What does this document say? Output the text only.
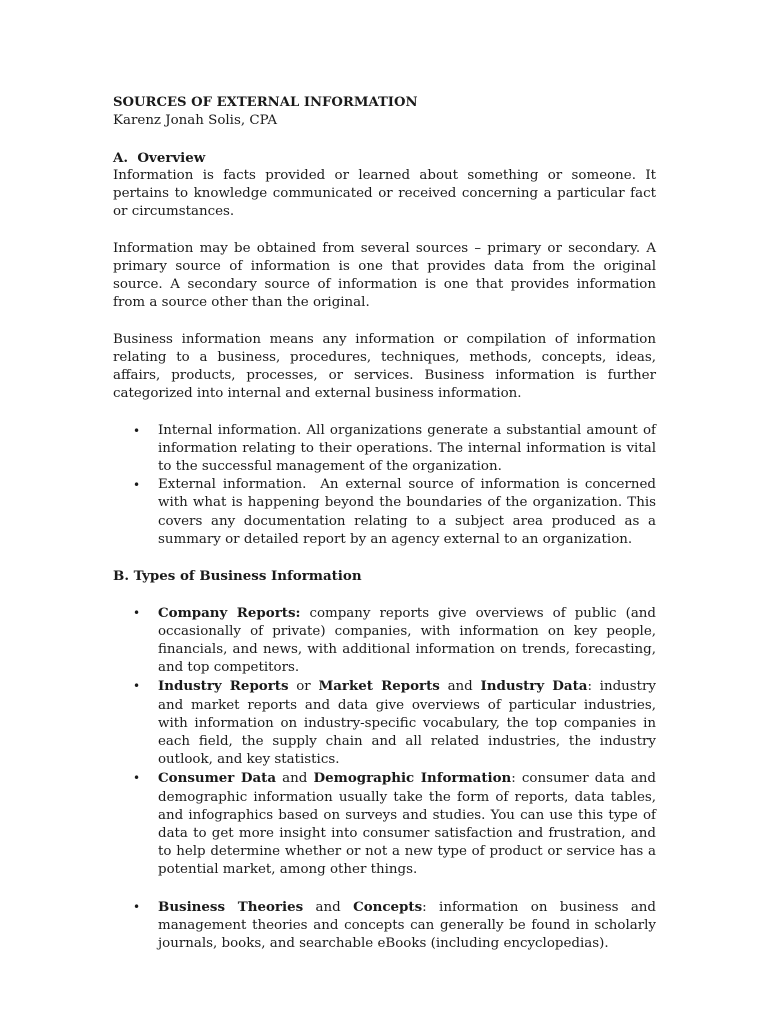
SOURCES OF EXTERNAL INFORMATION
Karenz Jonah Solis, CPA
A.  Overview

Information is facts provided or learned about something or someone. It pertains to knowledge communicated or received concerning a particular fact or circumstances.

Information may be obtained from several sources – primary or secondary. A primary source of information is one that provides data from the original source. A secondary source of information is one that provides information from a source other than the original.

Business information means any information or compilation of information relating to a business, procedures, techniques, methods, concepts, ideas, affairs, products, processes, or services. Business information is further categorized into internal and external business information.

• Internal information. All organizations generate a substantial amount of information relating to their operations. The internal information is vital to the successful management of the organization.
• External information.  An external source of information is concerned with what is happening beyond the boundaries of the organization. This covers any documentation relating to a subject area produced as a summary or detailed report by an agency external to an organization.
B. Types of Business Information
• Company Reports: company reports give overviews of public (and occasionally of private) companies, with information on key people, financials, and news, with additional information on trends, forecasting, and top competitors.
• Industry Reports or Market Reports and Industry Data: industry and market reports and data give overviews of particular industries, with information on industry-specific vocabulary, the top companies in each field, the supply chain and all related industries, the industry outlook, and key statistics.
• Consumer Data and Demographic Information: consumer data and demographic information usually take the form of reports, data tables, and infographics based on surveys and studies. You can use this type of data to get more insight into consumer satisfaction and frustration, and to help determine whether or not a new type of product or service has a potential market, among other things.
• Business Theories and Concepts: information on business and management theories and concepts can generally be found in scholarly journals, books, and searchable eBooks (including encyclopedias).
